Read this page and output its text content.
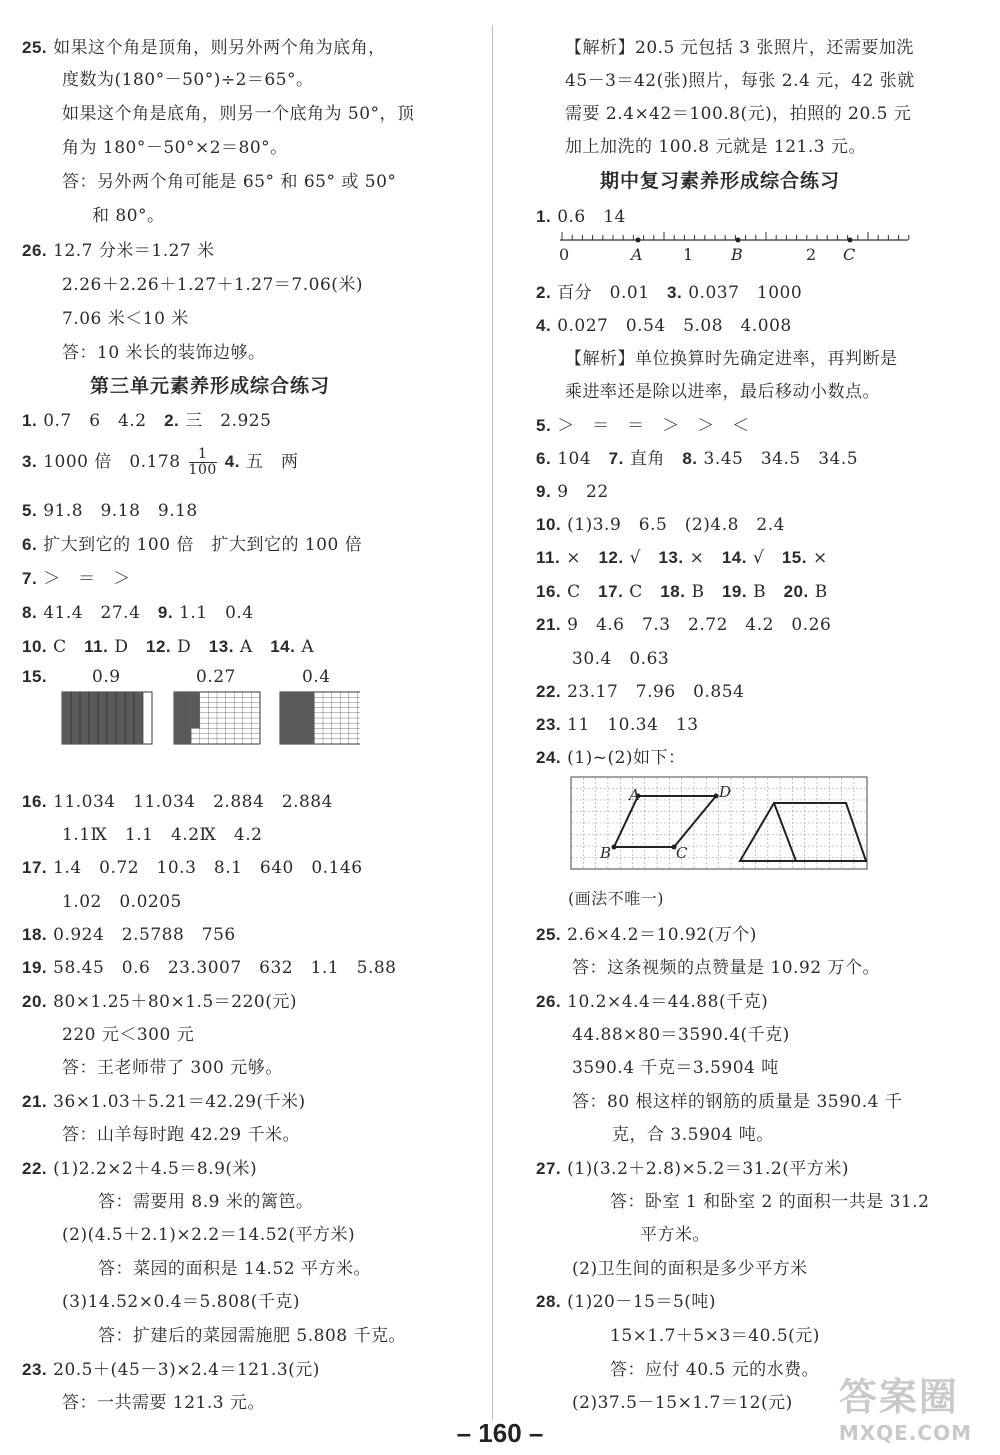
25. 如果这个角是顶角，则另外两个角为底角，
度数为(180°－50°)÷2＝65°。
如果这个角是底角，则另一个底角为 50°，顶
角为 180°－50°×2＝80°。
答：另外两个角可能是 65° 和 65° 或 50°
和 80°。
26. 12.7 分米＝1.27 米
2.26＋2.26＋1.27＋1.27＝7.06(米)
7.06 米＜10 米
答：10 米长的装饰边够。
第三单元素养形成综合练习
1. 0.7　6　4.2　 2. 三　2.925
3. 1000 倍　$0.178 \frac{1}{100} 4$. 五　两
5. 91.8　9.18　9.18
6. 扩大到它的 100 倍　扩大到它的 100 倍
7. ＞　＝　＞
8. 41.4　27.4　 9. 1.1　0.4
10. C　 11. D　 12. D　 13. A　 14. A
15.	0.9	0.27	0.4
16. 11.034　11.034　2.884　2.884
1.1Ⅸ　1.1　4.2Ⅸ　4.2
17. 1.4　0.72　10.3　8.1　640　0.146
1.02　0.0205
18. 0.924　2.5788　756
19. 58.45　0.6　23.3007　632　1.1　5.88
20. 80×1.25＋80×1.5＝220(元)
220 元＜300 元
答：王老师带了 300 元够。
21. 36×1.03＋5.21＝42.29(千米)
答：山羊每时跑 42.29 千米。
22. (1)2.2×2＋4.5＝8.9(米)
答：需要用 8.9 米的篱笆。
(2)(4.5＋2.1)×2.2＝14.52(平方米)
答：菜园的面积是 14.52 平方米。
(3)14.52×0.4＝5.808(千克)
答：扩建后的菜园需施肥 5.808 千克。
23. 20.5＋(45－3)×2.4＝121.3(元)
答：一共需要 121.3 元。
【解析】20.5 元包括 3 张照片，还需要加洗
45－3＝42(张)照片，每张 2.4 元，42 张就
需要 2.4×42＝100.8(元)，拍照的 20.5 元
加上加洗的 100.8 元就是 121.3 元。
期中复习素养形成综合练习
1. 0.6　14
0	A 1 B	2 C
2. 百分　0.01　 3. 0.037　1000
4. 0.027　0.54　5.08　4.008
【解析】单位换算时先确定进率，再判断是
乘进率还是除以进率，最后移动小数点。
5. ＞　＝　＝　＞　＞　＜
6. 104　 7. 直角　 8. 3.45　34.5　34.5
9. 9　22
10. (1)3.9　6.5　(2)4.8　2.4
11. ×　 12. √　 13. ×　 14. √　 15. ×
16. C　 17. C　 18. B　 19. B　 20. B
21. 9　4.6　7.3　2.72　4.2　0.26
30.4　0.63
22. 23.17　7.96　0.854
23. 11　10.34　13
24. (1)~(2)如下：
A	D
B	C
(画法不唯一)
25. 2.6×4.2＝10.92(万个)
答：这条视频的点赞量是 10.92 万个。
26. 10.2×4.4＝44.88(千克)
44.88×80＝3590.4(千克)
3590.4 千克＝3.5904 吨
答：80 根这样的钢筋的质量是 3590.4 千
克，合 3.5904 吨。
27. (1)(3.2＋2.8)×5.2＝31.2(平方米)
答：卧室 1 和卧室 2 的面积一共是 31.2
平方米。
(2)卫生间的面积是多少平方米
28. (1)20－15＝5(吨)
15×1.7＋5×3＝40.5(元)
答：应付 40.5 元的水费。
(2)37.5－15×1.7＝12(元)
– 160 –
答案圈
MXQE.COM
